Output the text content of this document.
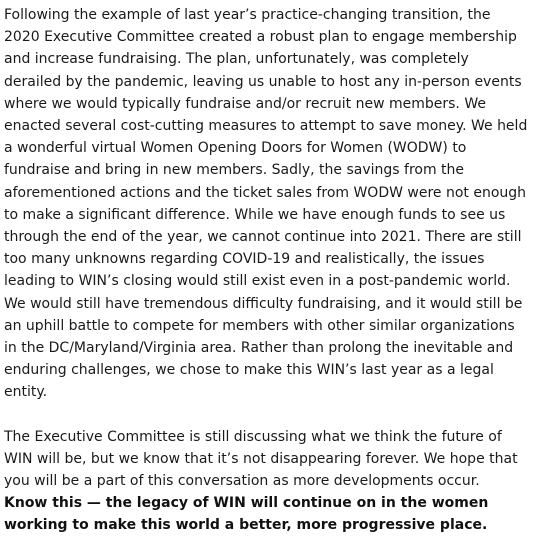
Following the example of last year’s practice-changing transition, the 2020 Executive Committee created a robust plan to engage membership and increase fundraising. The plan, unfortunately, was completely derailed by the pandemic, leaving us unable to host any in-person events where we would typically fundraise and/or recruit new members. We enacted several cost-cutting measures to attempt to save money. We held a wonderful virtual Women Opening Doors for Women (WODW) to fundraise and bring in new members. Sadly, the savings from the aforementioned actions and the ticket sales from WODW were not enough to make a significant difference. While we have enough funds to see us through the end of the year, we cannot continue into 2021. There are still too many unknowns regarding COVID-19 and realistically, the issues leading to WIN’s closing would still exist even in a post-pandemic world. We would still have tremendous difficulty fundraising, and it would still be an uphill battle to compete for members with other similar organizations in the DC/Maryland/Virginia area. Rather than prolong the inevitable and enduring challenges, we chose to make this WIN’s last year as a legal entity.

The Executive Committee is still discussing what we think the future of WIN will be, but we know that it’s not disappearing forever. We hope that you will be a part of this conversation as more developments occur.
Know this — the legacy of WIN will continue on in the women working to make this world a better, more progressive place.
